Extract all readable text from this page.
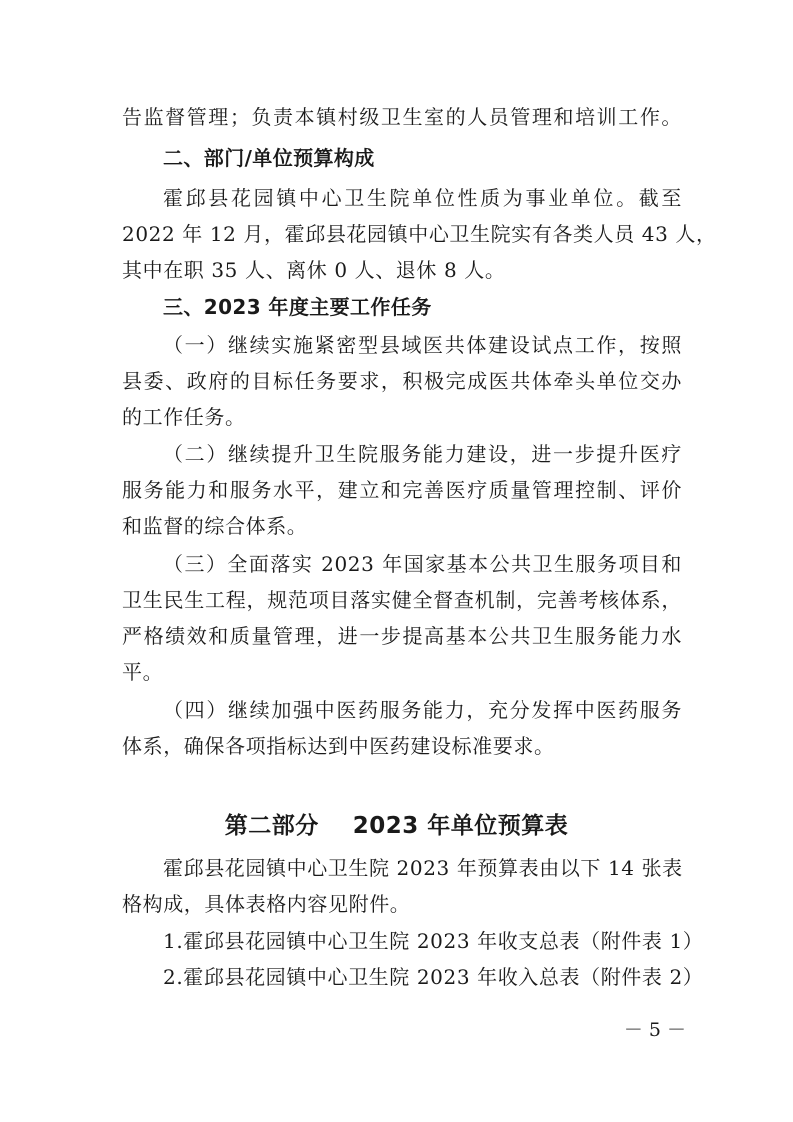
告监督管理；负责本镇村级卫生室的人员管理和培训工作。
二、部门/单位预算构成
霍邱县花园镇中心卫生院单位性质为事业单位。截至
2022 年 12 月，霍邱县花园镇中心卫生院实有各类人员 43 人，
其中在职 35 人、离休 0 人、退休 8 人。
三、2023 年度主要工作任务
（一）继续实施紧密型县域医共体建设试点工作，按照
县委、政府的目标任务要求，积极完成医共体牵头单位交办
的工作任务。
（二）继续提升卫生院服务能力建设，进一步提升医疗
服务能力和服务水平，建立和完善医疗质量管理控制、评价
和监督的综合体系。
（三）全面落实 2023 年国家基本公共卫生服务项目和
卫生民生工程，规范项目落实健全督查机制，完善考核体系，
严格绩效和质量管理，进一步提高基本公共卫生服务能力水
平。
（四）继续加强中医药服务能力，充分发挥中医药服务
体系，确保各项指标达到中医药建设标准要求。
第二部分    2023 年单位预算表
霍邱县花园镇中心卫生院 2023 年预算表由以下 14 张表
格构成，具体表格内容见附件。
1.霍邱县花园镇中心卫生院 2023 年收支总表（附件表 1）
2.霍邱县花园镇中心卫生院 2023 年收入总表（附件表 2）
－ 5 －
